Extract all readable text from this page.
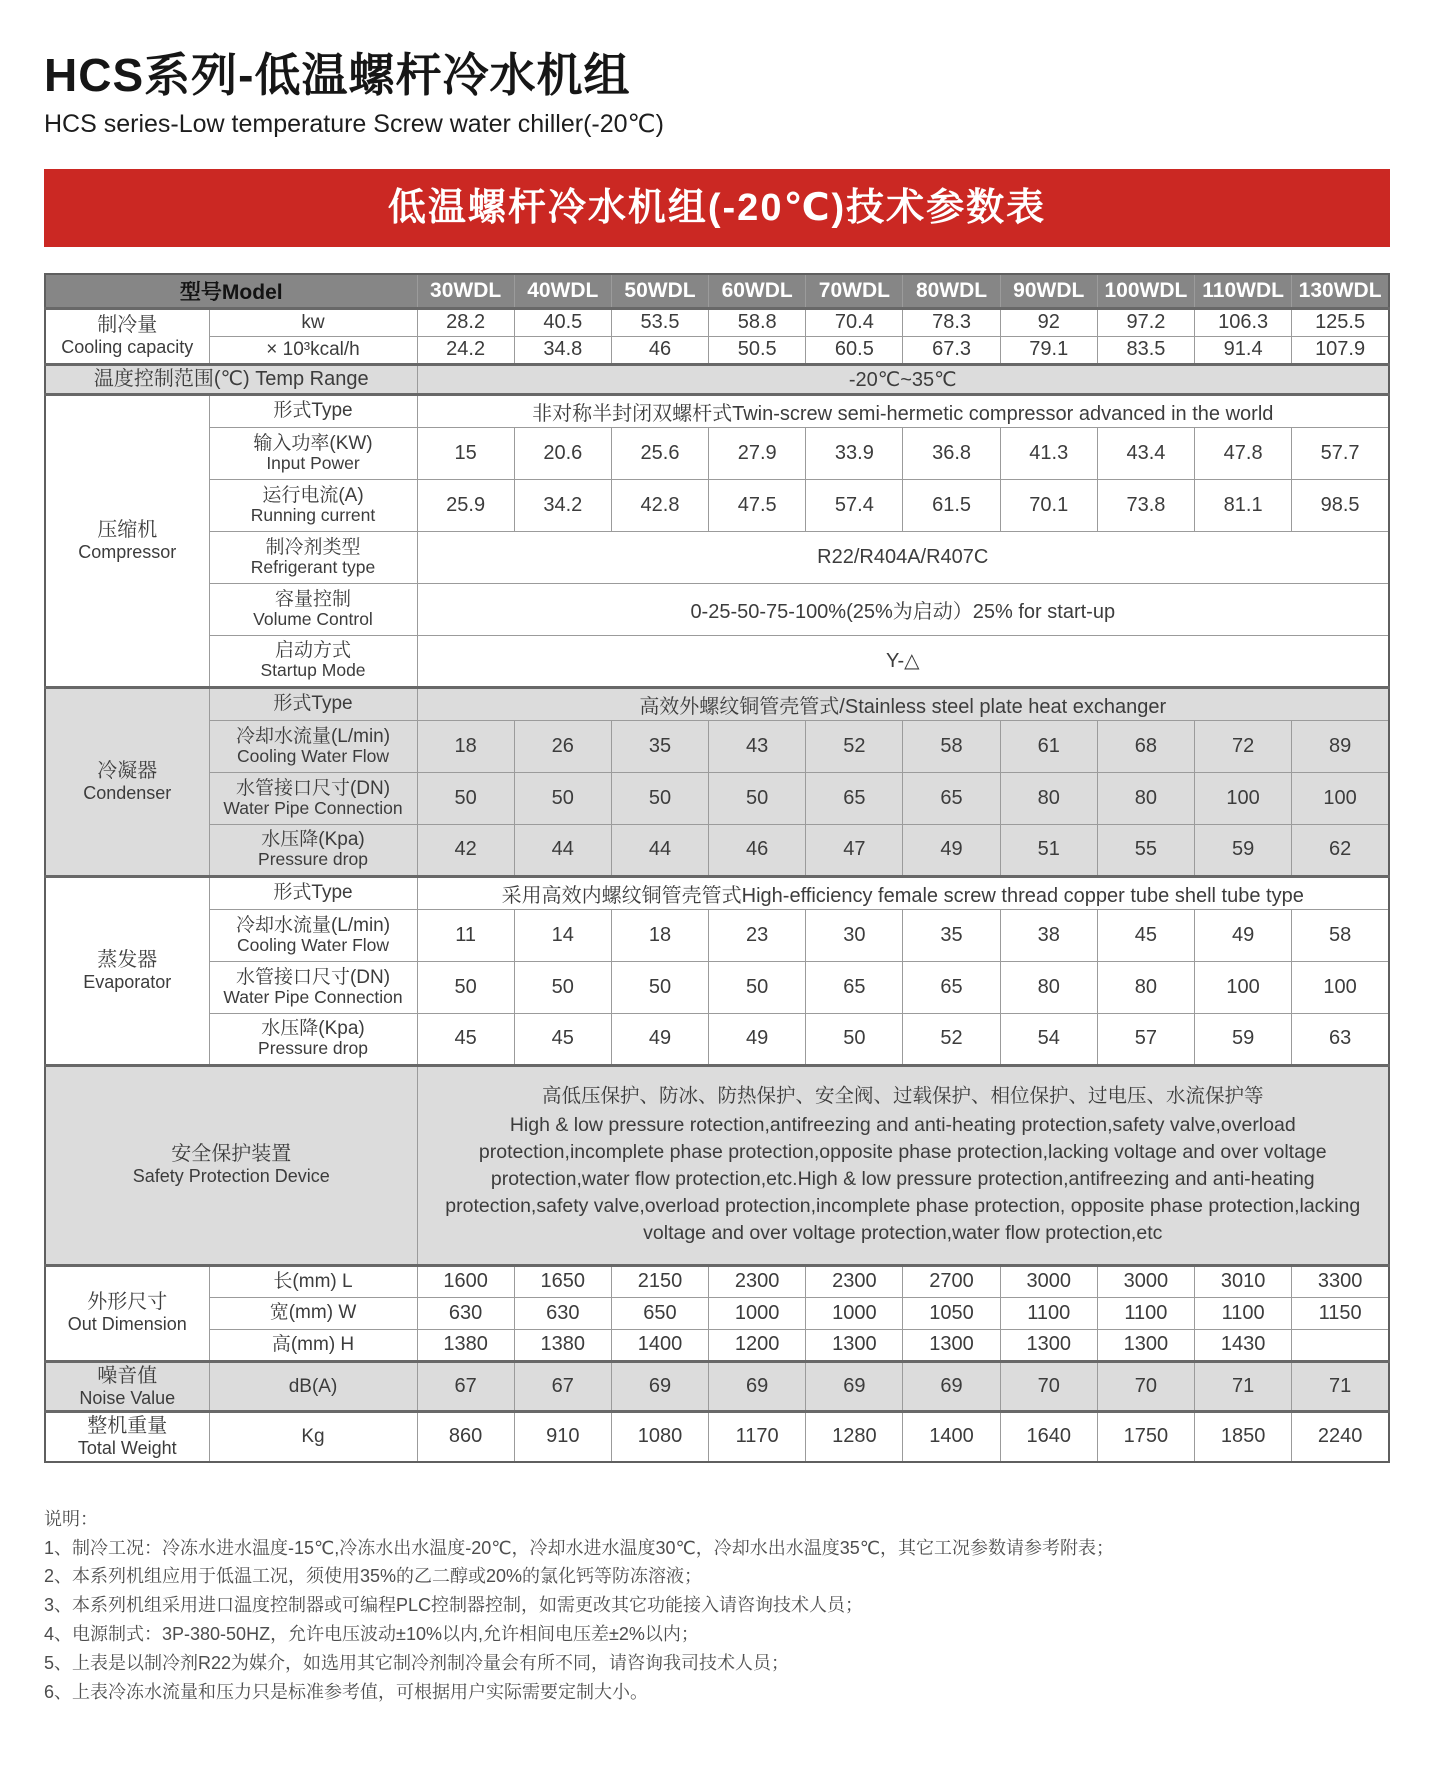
HCS系列-低温螺杆冷水机组
HCS series-Low temperature Screw water chiller(-20℃)
低温螺杆冷水机组(-20℃)技术参数表
型号Model		30WDL	40WDL	50WDL	60WDL	70WDL	80WDL	90WDL	100WDL	110WDL	130WDL

制冷量
Cooling capacity	kw	28.2	40.5	53.5	58.8	70.4	78.3	92	97.2	106.3	125.5

	× 10³kcal/h	24.2	34.8	46	50.5	60.5	67.3	79.1	83.5	91.4	107.9

温度控制范围(℃) Temp Range		-20℃~35℃									

压缩机
Compressor	形式Type	非对称半封闭双螺杆式Twin-screw semi-hermetic compressor advanced in the world									

	输入功率(KW)
Input Power	15	20.6	25.6	27.9	33.9	36.8	41.3	43.4	47.8	57.7

	运行电流(A)
Running current	25.9	34.2	42.8	47.5	57.4	61.5	70.1	73.8	81.1	98.5

	制冷剂类型
Refrigerant type	R22/R404A/R407C									

	容量控制
Volume Control	0-25-50-75-100%(25%为启动）25% for start-up									

	启动方式
Startup Mode	Y-△									

冷凝器
Condenser	形式Type	高效外螺纹铜管壳管式/Stainless steel plate heat exchanger									

	冷却水流量(L/min)
Cooling Water Flow	18	26	35	43	52	58	61	68	72	89

	水管接口尺寸(DN)
Water Pipe Connection	50	50	50	50	65	65	80	80	100	100

	水压降(Kpa)
Pressure drop	42	44	44	46	47	49	51	55	59	62

蒸发器
Evaporator	形式Type	采用高效内螺纹铜管壳管式High-efficiency female screw thread copper tube shell tube type									

	冷却水流量(L/min)
Cooling Water Flow	11	14	18	23	30	35	38	45	49	58

	水管接口尺寸(DN)
Water Pipe Connection	50	50	50	50	65	65	80	80	100	100

	水压降(Kpa)
Pressure drop	45	45	49	49	50	52	54	57	59	63

安全保护装置
Safety Protection Device

高低压保护、防冰、防热保护、安全阀、过载保护、相位保护、过电压、水流保护等
High & low pressure rotection,antifreezing and anti-heating protection,safety valve,overload protection,incomplete phase protection,opposite phase protection,lacking voltage and over voltage protection,water flow protection,etc.High & low pressure protection,antifreezing and anti-heating protection,safety valve,overload protection,incomplete phase protection, opposite phase protection,lacking voltage and over voltage protection,water flow protection,etc

外形尺寸
Out Dimension	长(mm) L	1600	1650	2150	2300	2300	2700	3000	3000	3010	3300

	宽(mm) W	630	630	650	1000	1000	1050	1100	1100	1100	1150

	高(mm) H	1380	1380	1400	1200	1300	1300	1300	1300	1430	

噪音值
Noise Value	dB(A)	67	67	69	69	69	69	70	70	71	71

整机重量
Total Weight	Kg	860	910	1080	1170	1280	1400	1640	1750	1850	2240
说明：
1、制冷工况：冷冻水进水温度-15℃,冷冻水出水温度-20℃，冷却水进水温度30℃，冷却水出水温度35℃，其它工况参数请参考附表；
2、本系列机组应用于低温工况，须使用35%的乙二醇或20%的氯化钙等防冻溶液；
3、本系列机组采用进口温度控制器或可编程PLC控制器控制，如需更改其它功能接入请咨询技术人员；
4、电源制式：3P-380-50HZ，允许电压波动±10%以内,允许相间电压差±2%以内；
5、上表是以制冷剂R22为媒介，如选用其它制冷剂制冷量会有所不同，请咨询我司技术人员；
6、上表冷冻水流量和压力只是标准参考值，可根据用户实际需要定制大小。
